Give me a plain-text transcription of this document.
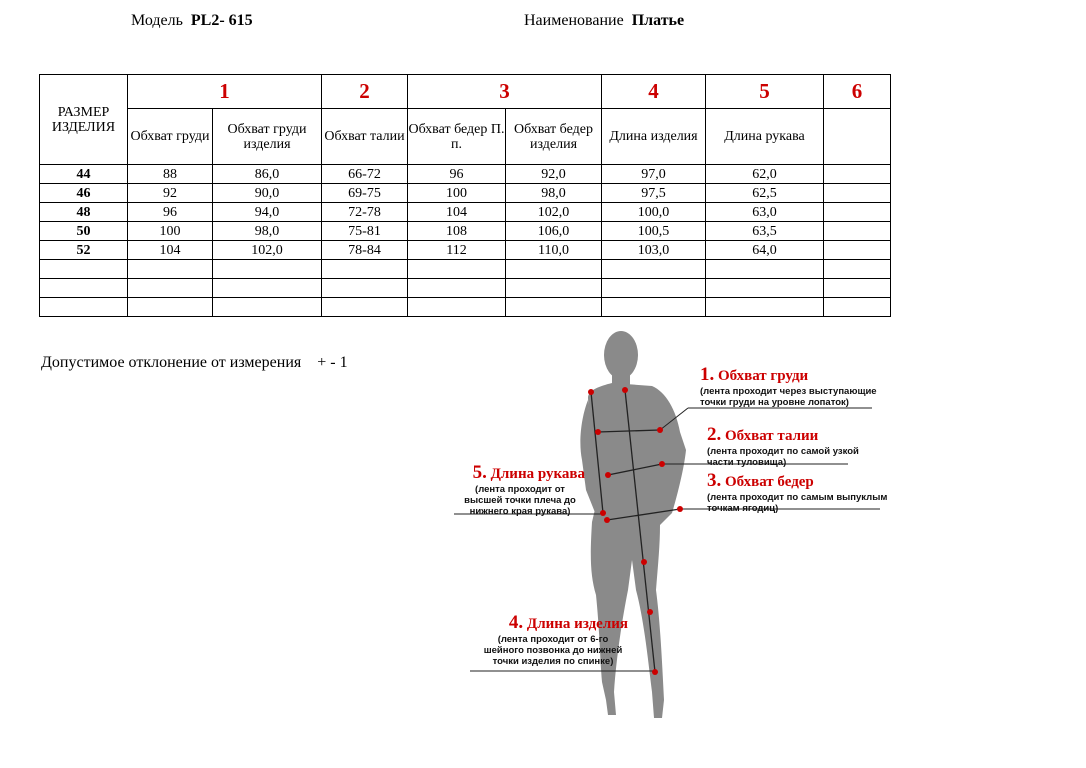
Модель PL2- 615	Наименование Платье
РАЗМЕР ИЗДЕЛИЯ	1		2	3		4	5	6
	Обхват груди	Обхват груди изделия	Обхват талии	Обхват бедер П. п.	Обхват бедер изделия	Длина изделия	Длина рукава	
44	88	86,0	66-72	96	92,0	97,0	62,0	
46	92	90,0	69-75	100	98,0	97,5	62,5	
48	96	94,0	72-78	104	102,0	100,0	63,0	
50	100	98,0	75-81	108	106,0	100,5	63,5	
52	104	102,0	78-84	112	110,0	103,0	64,0	

Допустимое отклонение от измерения    + - 1
1. Обхват груди
(лента проходит через выступающие точки груди на уровне лопаток)
2. Обхват талии
(лента проходит по самой узкой части туловища)
3. Обхват бедер
(лента проходит по самым выпуклым точкам ягодиц)
4. Длина изделия
(лента проходит от 6-го шейного позвонка до нижней точки изделия по спинке)
5. Длина рукава
(лента проходит от высшей точки плеча до нижнего края рукава)
